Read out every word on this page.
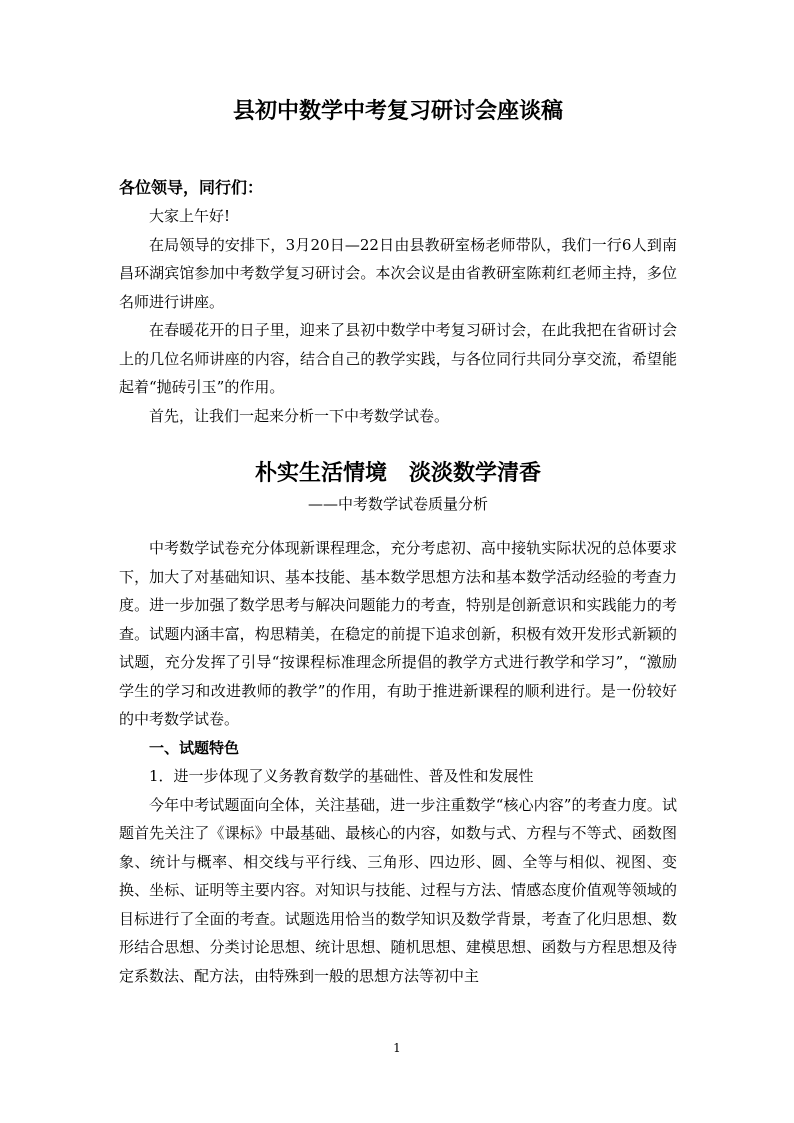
县初中数学中考复习研讨会座谈稿
各位领导，同行们：

大家上午好!

在局领导的安排下，3月20日—22日由县教研室杨老师带队，我们一行6人到南昌环湖宾馆参加中考数学复习研讨会。本次会议是由省教研室陈莉红老师主持，多位名师进行讲座。

在春暖花开的日子里，迎来了县初中数学中考复习研讨会，在此我把在省研讨会上的几位名师讲座的内容，结合自己的教学实践，与各位同行共同分享交流，希望能起着“抛砖引玉”的作用。

首先，让我们一起来分析一下中考数学试卷。

朴实生活情境　淡淡数学清香
——中考数学试卷质量分析

中考数学试卷充分体现新课程理念，充分考虑初、高中接轨实际状况的总体要求下，加大了对基础知识、基本技能、基本数学思想方法和基本数学活动经验的考查力度。进一步加强了数学思考与解决问题能力的考查，特别是创新意识和实践能力的考查。试题内涵丰富，构思精美，在稳定的前提下追求创新，积极有效开发形式新颖的试题，充分发挥了引导“按课程标准理念所提倡的教学方式进行教学和学习”，“激励学生的学习和改进教师的教学”的作用，有助于推进新课程的顺利进行。是一份较好的中考数学试卷。

一、试题特色

1．进一步体现了义务教育数学的基础性、普及性和发展性

今年中考试题面向全体，关注基础，进一步注重数学“核心内容”的考查力度。试题首先关注了《课标》中最基础、最核心的内容，如数与式、方程与不等式、函数图象、统计与概率、相交线与平行线、三角形、四边形、圆、全等与相似、视图、变换、坐标、证明等主要内容。对知识与技能、过程与方法、情感态度价值观等领域的目标进行了全面的考查。试题选用恰当的数学知识及数学背景，考查了化归思想、数形结合思想、分类讨论思想、统计思想、随机思想、建模思想、函数与方程思想及待定系数法、配方法，由特殊到一般的思想方法等初中主

1
